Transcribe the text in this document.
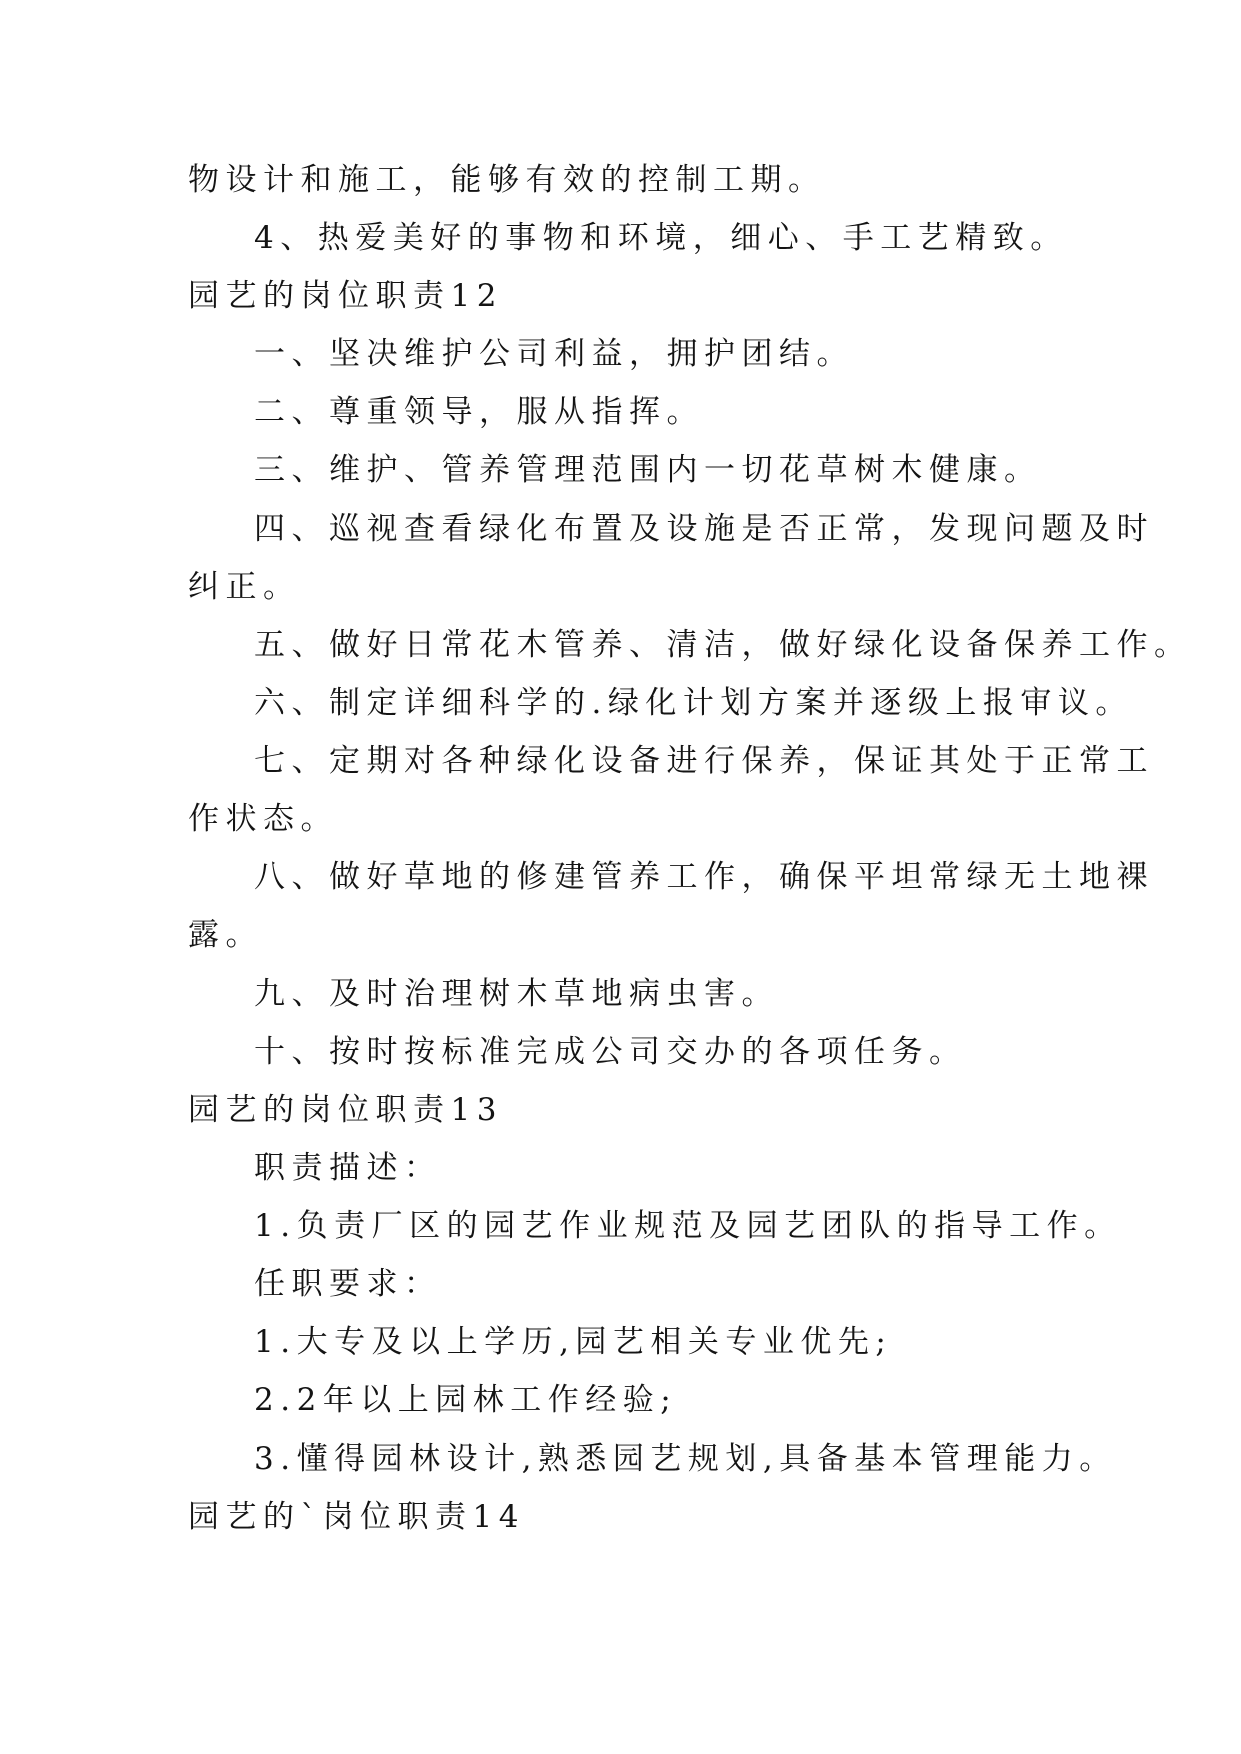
物设计和施工，能够有效的控制工期。
4、热爱美好的事物和环境，细心、手工艺精致。
园艺的岗位职责12
一、坚决维护公司利益，拥护团结。
二、尊重领导，服从指挥。
三、维护、管养管理范围内一切花草树木健康。
四、巡视查看绿化布置及设施是否正常，发现问题及时
纠正。
五、做好日常花木管养、清洁，做好绿化设备保养工作。
六、制定详细科学的.绿化计划方案并逐级上报审议。
七、定期对各种绿化设备进行保养，保证其处于正常工
作状态。
八、做好草地的修建管养工作，确保平坦常绿无土地裸
露。
九、及时治理树木草地病虫害。
十、按时按标准完成公司交办的各项任务。
园艺的岗位职责13
职责描述：
1.负责厂区的园艺作业规范及园艺团队的指导工作。
任职要求：
1.大专及以上学历,园艺相关专业优先;
2.2年以上园林工作经验;
3.懂得园林设计,熟悉园艺规划,具备基本管理能力。
园艺的`岗位职责14
